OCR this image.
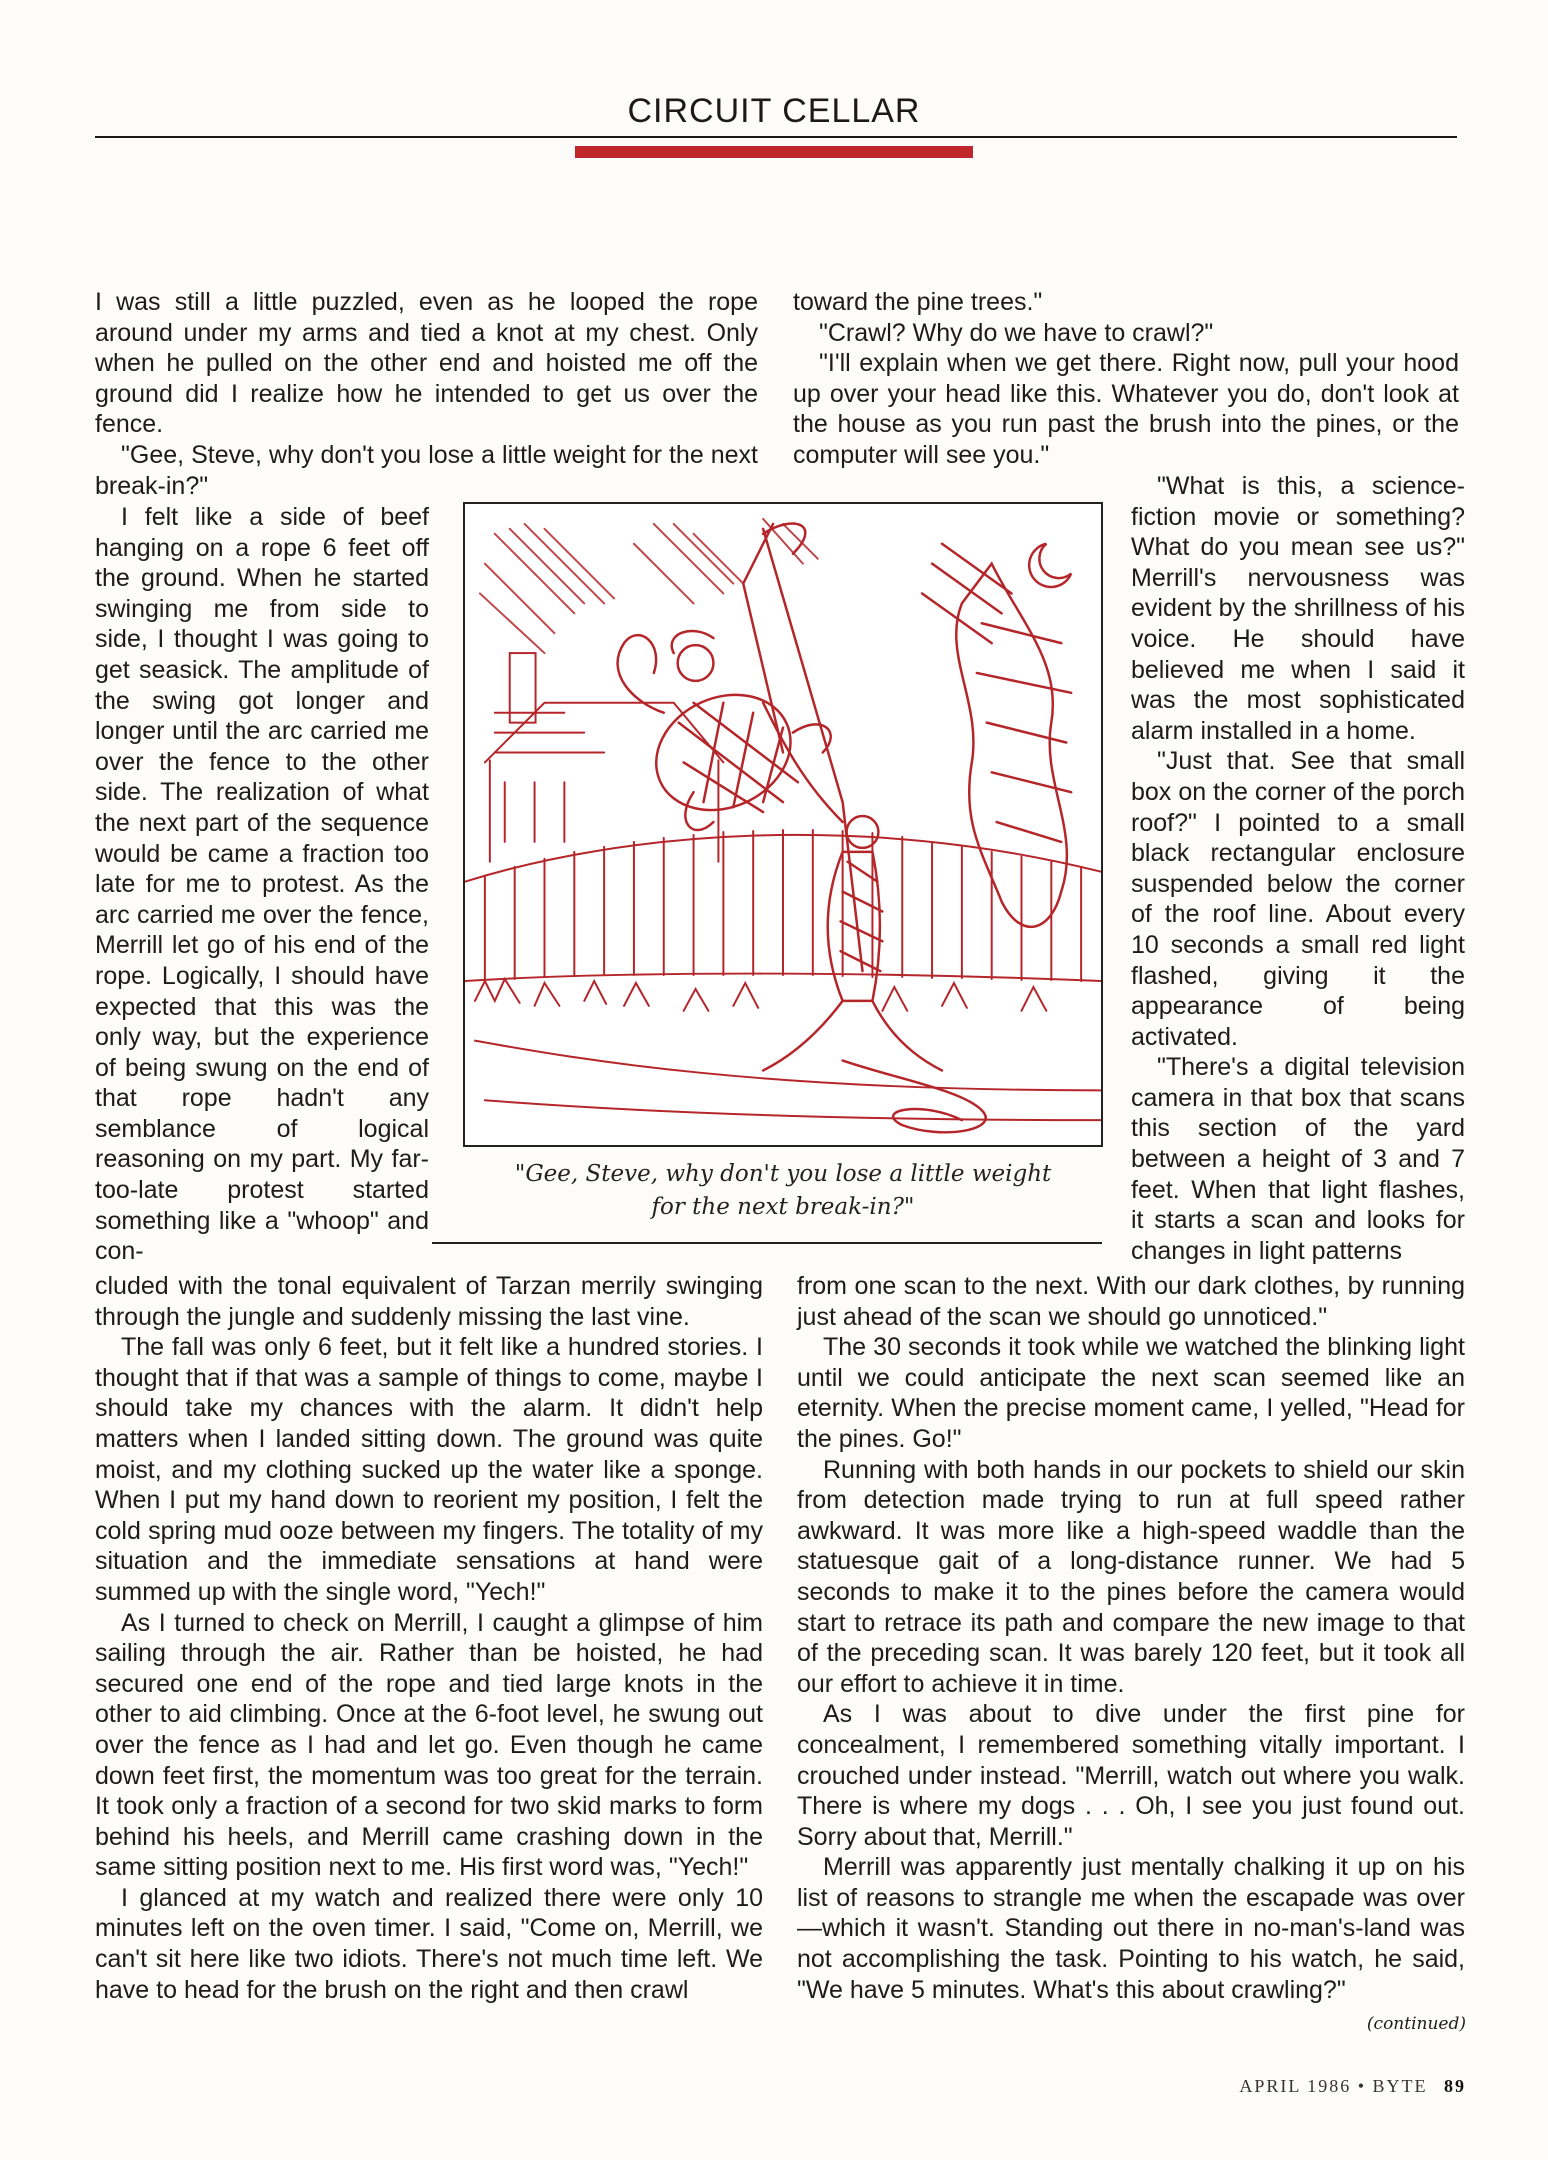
CIRCUIT CELLAR

I was still a little puzzled, even as he looped the rope around under my arms and tied a knot at my chest. Only when he pulled on the other end and hoisted me off the ground did I realize how he intended to get us over the fence.

"Gee, Steve, why don't you lose a little weight for the next break-in?"

I felt like a side of beef hanging on a rope 6 feet off the ground. When he started swinging me from side to side, I thought I was going to get seasick. The amplitude of the swing got longer and longer until the arc carried me over the fence to the other side. The realization of what the next part of the sequence would be came a fraction too late for me to protest. As the arc carried me over the fence, Merrill let go of his end of the rope. Logically, I should have expected that this was the only way, but the experience of being swung on the end of that rope hadn't any semblance of logical reasoning on my part. My far-too-late protest started something like a "whoop" and con-

cluded with the tonal equivalent of Tarzan merrily swinging through the jungle and suddenly missing the last vine.

The fall was only 6 feet, but it felt like a hundred stories. I thought that if that was a sample of things to come, maybe I should take my chances with the alarm. It didn't help matters when I landed sitting down. The ground was quite moist, and my clothing sucked up the water like a sponge. When I put my hand down to reorient my position, I felt the cold spring mud ooze between my fingers. The totality of my situation and the immediate sensations at hand were summed up with the single word, "Yech!"

As I turned to check on Merrill, I caught a glimpse of him sailing through the air. Rather than be hoisted, he had secured one end of the rope and tied large knots in the other to aid climbing. Once at the 6-foot level, he swung out over the fence as I had and let go. Even though he came down feet first, the momentum was too great for the terrain. It took only a fraction of a second for two skid marks to form behind his heels, and Merrill came crashing down in the same sitting position next to me. His first word was, "Yech!"

I glanced at my watch and realized there were only 10 minutes left on the oven timer. I said, "Come on, Merrill, we can't sit here like two idiots. There's not much time left. We have to head for the brush on the right and then crawl

toward the pine trees."

"Crawl? Why do we have to crawl?"

"I'll explain when we get there. Right now, pull your hood up over your head like this. Whatever you do, don't look at the house as you run past the brush into the pines, or the computer will see you."

"What is this, a science-fiction movie or something? What do you mean see us?" Merrill's nervousness was evident by the shrillness of his voice. He should have believed me when I said it was the most sophisticated alarm installed in a home.

"Just that. See that small box on the corner of the porch roof?" I pointed to a small black rectangular enclosure suspended below the corner of the roof line. About every 10 seconds a small red light flashed, giving it the appearance of being activated.

"There's a digital television camera in that box that scans this section of the yard between a height of 3 and 7 feet. When that light flashes, it starts a scan and looks for changes in light patterns

from one scan to the next. With our dark clothes, by running just ahead of the scan we should go unnoticed."

The 30 seconds it took while we watched the blinking light until we could anticipate the next scan seemed like an eternity. When the precise moment came, I yelled, "Head for the pines. Go!"

Running with both hands in our pockets to shield our skin from detection made trying to run at full speed rather awkward. It was more like a high-speed waddle than the statuesque gait of a long-distance runner. We had 5 seconds to make it to the pines before the camera would start to retrace its path and compare the new image to that of the preceding scan. It was barely 120 feet, but it took all our effort to achieve it in time.

As I was about to dive under the first pine for concealment, I remembered something vitally important. I crouched under instead. "Merrill, watch out where you walk. There is where my dogs . . . Oh, I see you just found out. Sorry about that, Merrill."

Merrill was apparently just mentally chalking it up on his list of reasons to strangle me when the escapade was over—which it wasn't. Standing out there in no-man's-land was not accomplishing the task. Pointing to his watch, he said, "We have 5 minutes. What's this about crawling?"

"Gee, Steve, why don't you lose a little weight
for the next break-in?"
(continued)
APRIL 1986 • BYTE 89
